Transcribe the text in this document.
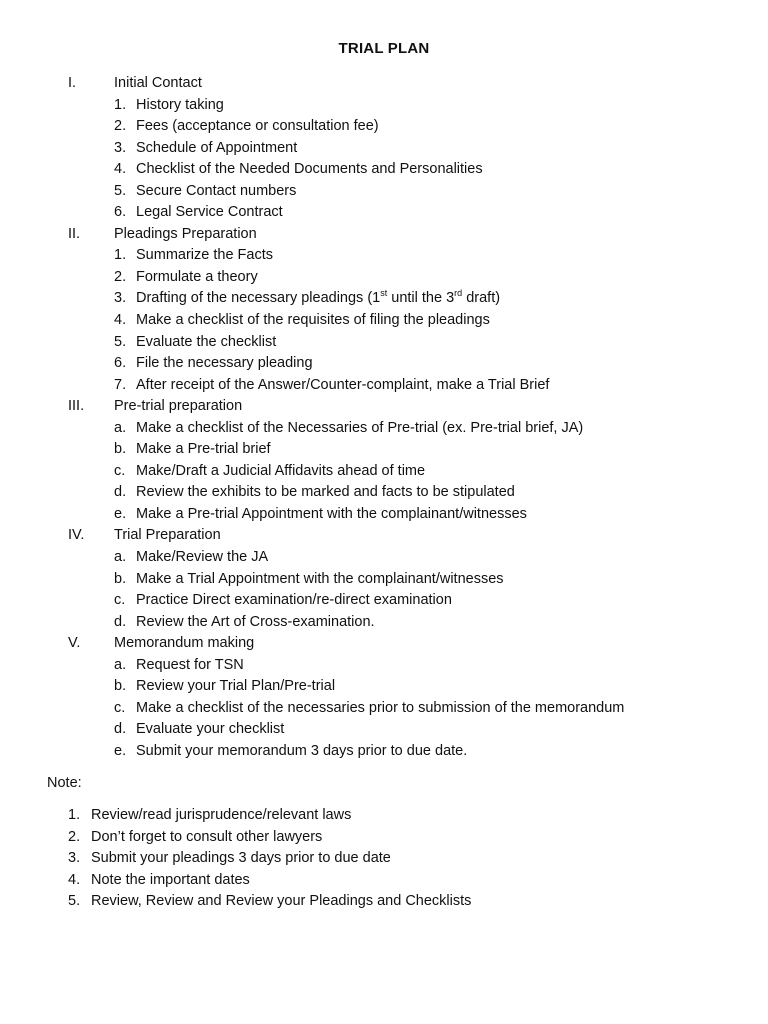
TRIAL PLAN
I.	Initial Contact
1. History taking
2. Fees (acceptance or consultation fee)
3. Schedule of Appointment
4. Checklist of the Needed Documents and Personalities
5. Secure Contact numbers
6. Legal Service Contract
II. Pleadings Preparation
1. Summarize the Facts
2. Formulate a theory
3. Drafting of the necessary pleadings (1st until the 3rd draft)
4. Make a checklist of the requisites of filing the pleadings
5. Evaluate the checklist
6. File the necessary pleading
7. After receipt of the Answer/Counter-complaint, make a Trial Brief
III. Pre-trial preparation
a. Make a checklist of the Necessaries of Pre-trial (ex. Pre-trial brief, JA)
b. Make a Pre-trial brief
c. Make/Draft a Judicial Affidavits ahead of time
d. Review the exhibits to be marked and facts to be stipulated
e. Make a Pre-trial Appointment with the complainant/witnesses
IV. Trial Preparation
a. Make/Review the JA
b. Make a Trial Appointment with the complainant/witnesses
c. Practice Direct examination/re-direct examination
d. Review the Art of Cross-examination.
V. Memorandum making
a. Request for TSN
b. Review your Trial Plan/Pre-trial
c. Make a checklist of the necessaries prior to submission of the memorandum
d. Evaluate your checklist
e. Submit your memorandum 3 days prior to due date.
Note:
1. Review/read jurisprudence/relevant laws
2. Don’t forget to consult other lawyers
3. Submit your pleadings 3 days prior to due date
4. Note the important dates
5. Review, Review and Review your Pleadings and Checklists
